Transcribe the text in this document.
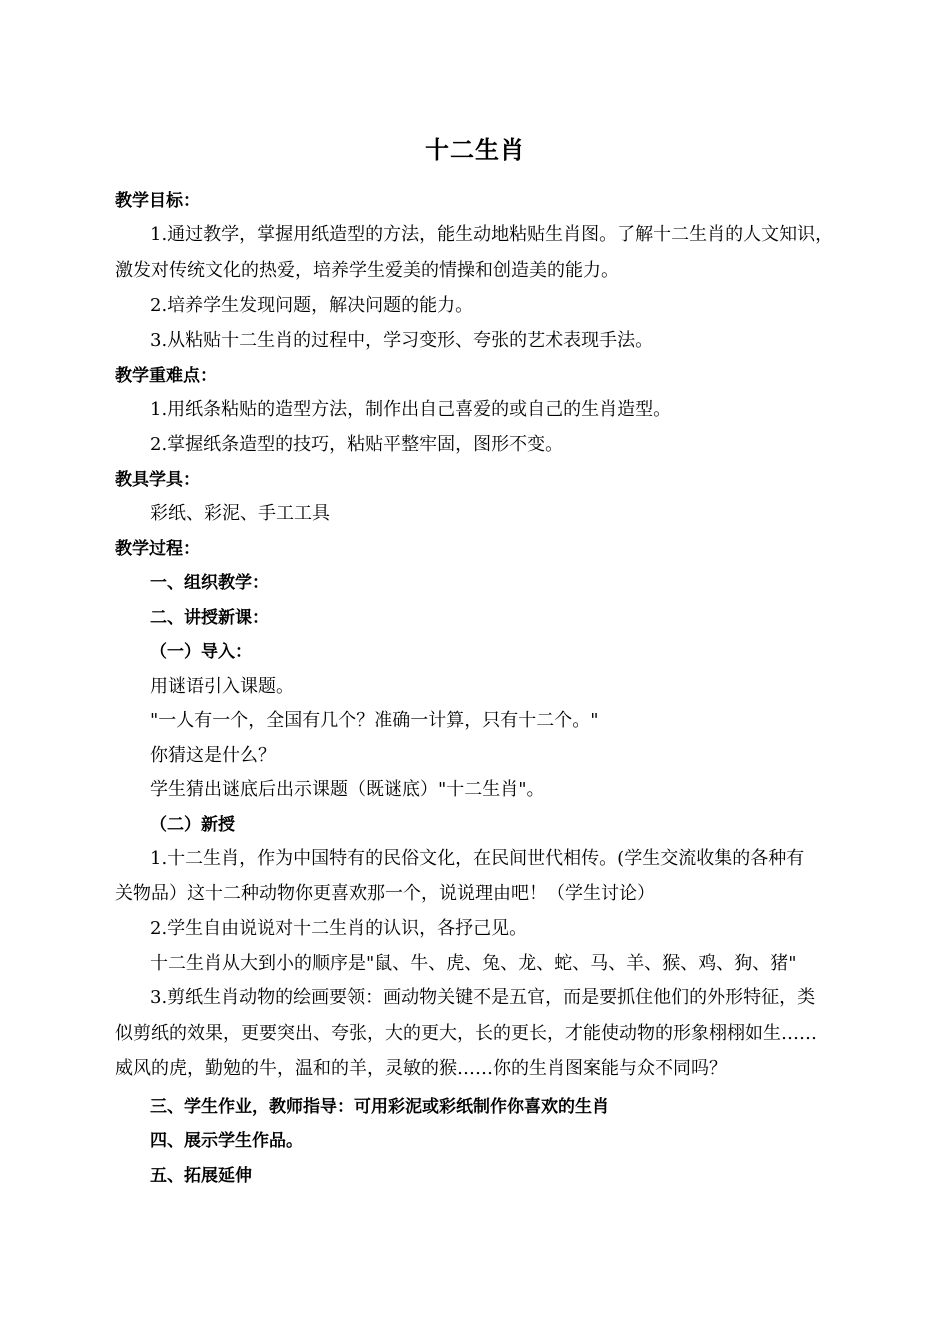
十二生肖
教学目标：
1.通过教学，掌握用纸造型的方法，能生动地粘贴生肖图。了解十二生肖的人文知识，
激发对传统文化的热爱，培养学生爱美的情操和创造美的能力。
2.培养学生发现问题，解决问题的能力。
3.从粘贴十二生肖的过程中，学习变形、夸张的艺术表现手法。
教学重难点：
1.用纸条粘贴的造型方法，制作出自己喜爱的或自己的生肖造型。
2.掌握纸条造型的技巧，粘贴平整牢固，图形不变。
教具学具：
彩纸、彩泥、手工工具
教学过程：
一、组织教学：
二、讲授新课：
（一）导入：
用谜语引入课题。
"一人有一个，全国有几个？准确一计算，只有十二个。"
你猜这是什么？
学生猜出谜底后出示课题（既谜底）"十二生肖"。
（二）新授
1.十二生肖，作为中国特有的民俗文化，在民间世代相传。(学生交流收集的各种有
关物品）这十二种动物你更喜欢那一个，说说理由吧！（学生讨论）
2.学生自由说说对十二生肖的认识，各抒己见。
十二生肖从大到小的顺序是"鼠、牛、虎、兔、龙、蛇、马、羊、猴、鸡、狗、猪"
3.剪纸生肖动物的绘画要领：画动物关键不是五官，而是要抓住他们的外形特征，类
似剪纸的效果，更要突出、夸张，大的更大，长的更长，才能使动物的形象栩栩如生……
威风的虎，勤勉的牛，温和的羊，灵敏的猴……你的生肖图案能与众不同吗？
三、学生作业，教师指导：可用彩泥或彩纸制作你喜欢的生肖
四、展示学生作品。
五、拓展延伸
